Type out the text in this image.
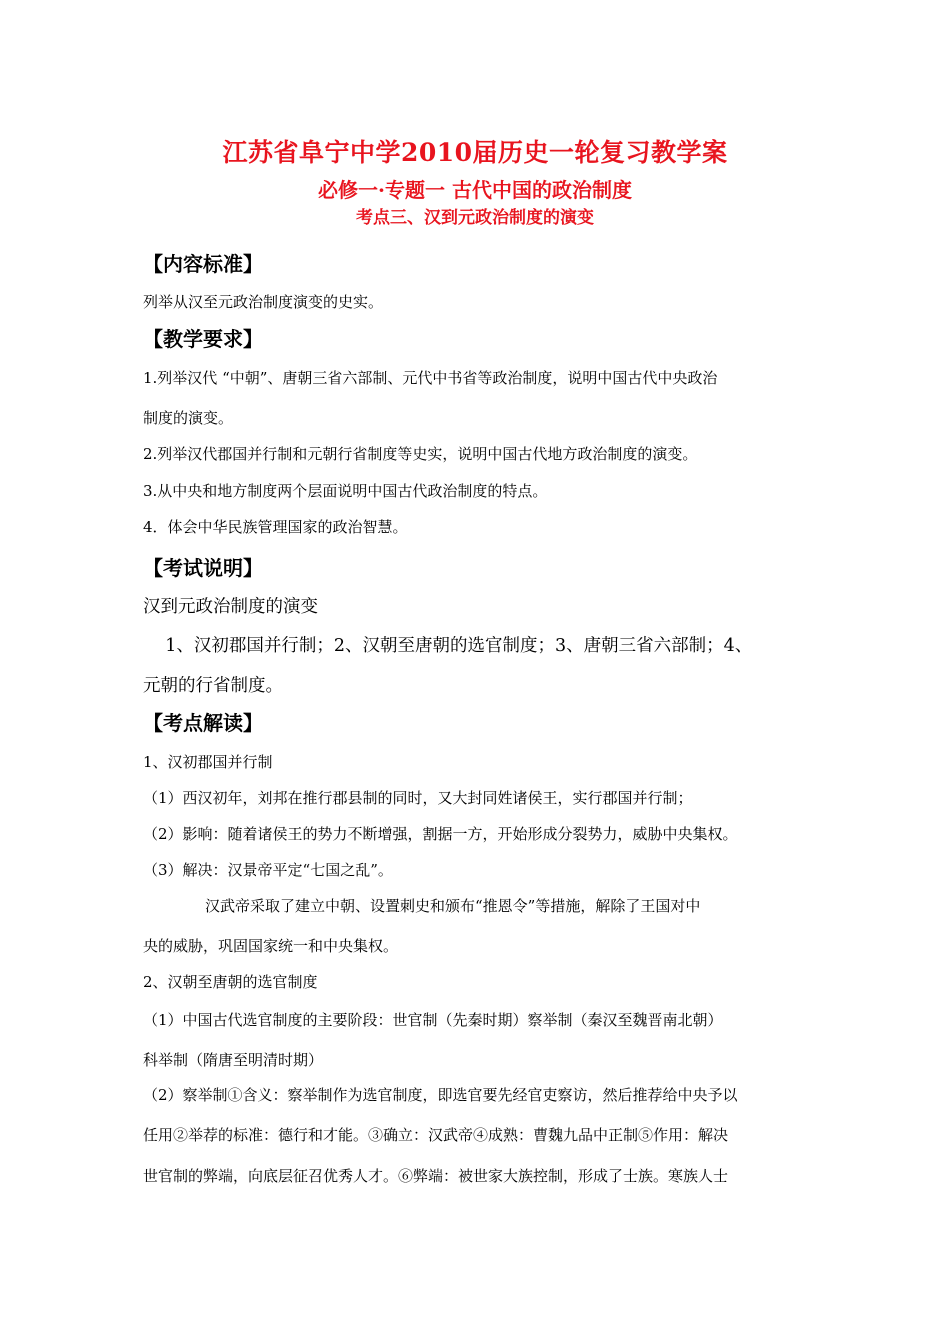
江苏省阜宁中学2010届历史一轮复习教学案
必修一·专题一 古代中国的政治制度
考点三、汉到元政治制度的演变
【内容标准】
列举从汉至元政治制度演变的史实。
【教学要求】
1.列举汉代 “中朝”、唐朝三省六部制、元代中书省等政治制度，说明中国古代中央政治
制度的演变。
2.列举汉代郡国并行制和元朝行省制度等史实，说明中国古代地方政治制度的演变。
3.从中央和地方制度两个层面说明中国古代政治制度的特点。
4．体会中华民族管理国家的政治智慧。
【考试说明】
汉到元政治制度的演变
1、汉初郡国并行制；2、汉朝至唐朝的选官制度；3、唐朝三省六部制；4、
元朝的行省制度。
【考点解读】
1、汉初郡国并行制
（1）西汉初年，刘邦在推行郡县制的同时，又大封同姓诸侯王，实行郡国并行制；
（2）影响：随着诸侯王的势力不断增强，割据一方，开始形成分裂势力，威胁中央集权。
（3）解决：汉景帝平定“七国之乱”。
汉武帝采取了建立中朝、设置刺史和颁布“推恩令”等措施，解除了王国对中
央的威胁，巩固国家统一和中央集权。
2、汉朝至唐朝的选官制度
（1）中国古代选官制度的主要阶段：世官制（先秦时期）察举制（秦汉至魏晋南北朝）
科举制（隋唐至明清时期）
（2）察举制①含义：察举制作为选官制度，即选官要先经官吏察访，然后推荐给中央予以
任用②举荐的标准：德行和才能。③确立：汉武帝④成熟：曹魏九品中正制⑤作用：解决
世官制的弊端，向底层征召优秀人才。⑥弊端：被世家大族控制，形成了士族。寒族人士
